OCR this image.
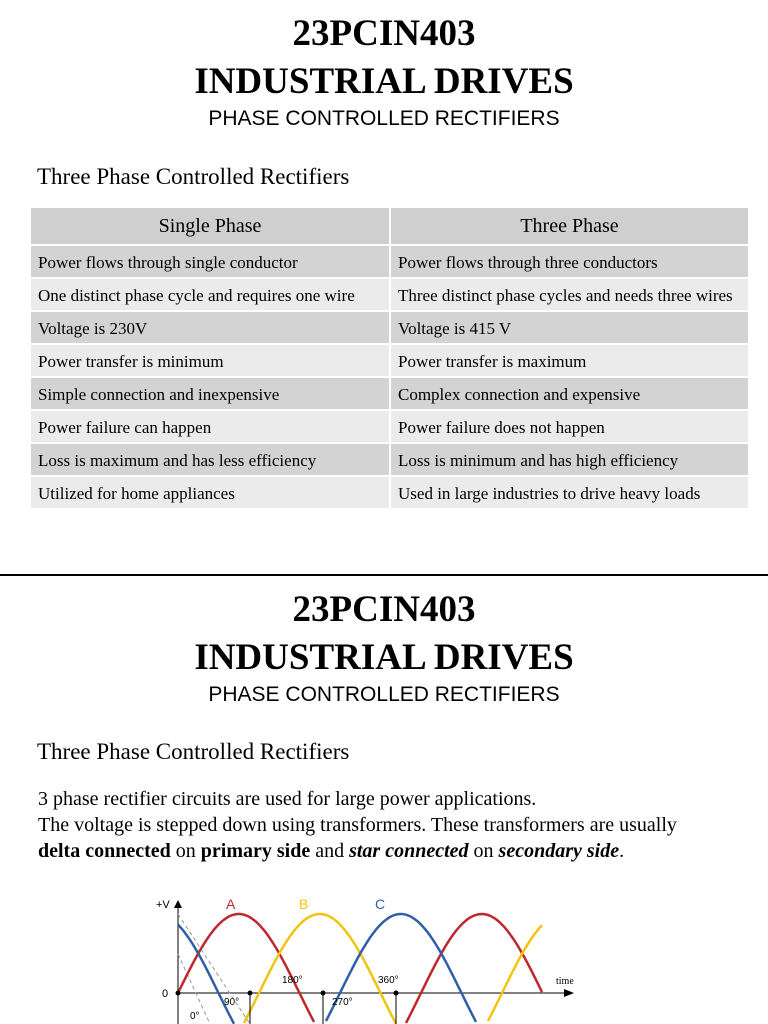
23PCIN403
INDUSTRIAL DRIVES
PHASE CONTROLLED RECTIFIERS
Three Phase Controlled Rectifiers
Single Phase	Three Phase
Power flows through single conductor	Power flows through three conductors
One distinct phase cycle and requires one wire	Three distinct phase cycles and needs three wires
Voltage is 230V	Voltage is 415 V
Power transfer is minimum	Power transfer is maximum
Simple connection and inexpensive	Complex connection and expensive
Power failure can happen	Power failure does not happen
Loss is maximum and has less efficiency	Loss is minimum and has high efficiency
Utilized for home appliances	Used in large industries to drive heavy loads
23PCIN403
INDUSTRIAL DRIVES
PHASE CONTROLLED RECTIFIERS
Three Phase Controlled Rectifiers
3 phase rectifier circuits are used for large power applications.
The voltage is stepped down using transformers. These transformers are usually
delta connected on primary side and star connected on secondary side.
+V
0
time
A	B	C
0°
90°
180°
270°
360°
